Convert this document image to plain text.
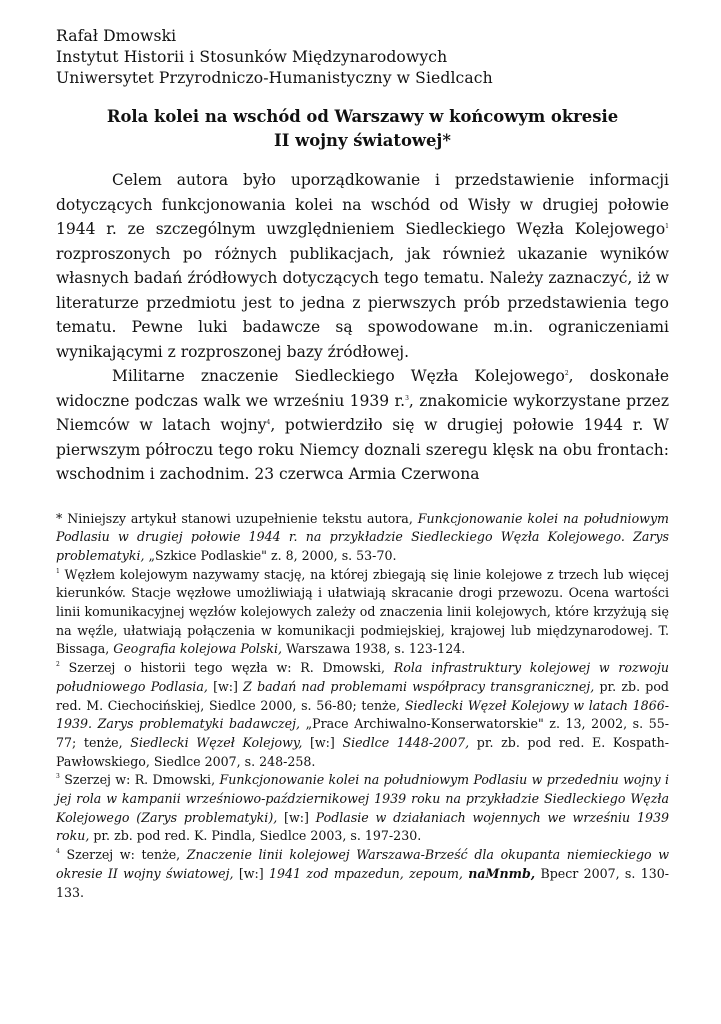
Rafał Dmowski
Instytut Historii i Stosunków Międzynarodowych
Uniwersytet Przyrodniczo-Humanistyczny w Siedlcach
Rola kolei na wschód od Warszawy w końcowym okresie
II wojny światowej*

Celem autora było uporządkowanie i przedstawienie informacji dotyczących funkcjonowania kolei na wschód od Wisły w drugiej połowie 1944 r. ze szczególnym uwzględnieniem Siedleckiego Węzła Kolejowego$^1$ rozproszonych po różnych publikacjach, jak również ukazanie wyników własnych badań źródłowych dotyczących tego tematu. Należy zaznaczyć, iż w literaturze przedmiotu jest to jedna z pierwszych prób przedstawienia tego tematu. Pewne luki badawcze są spowodowane m.in. ograniczeniami wynikającymi z rozproszonej bazy źródłowej.

Militarne znaczenie Siedleckiego Węzła Kolejowego$^2$, doskonałe widoczne podczas walk we wrześniu 1939 r.$^3$, znakomicie wykorzystane przez Niemców w latach wojny$^4$, potwierdziło się w drugiej połowie 1944 r. W pierwszym półroczu tego roku Niemcy doznali szeregu klęsk na obu frontach: wschodnim i zachodnim. 23 czerwca Armia Czerwona

* Niniejszy artykuł stanowi uzupełnienie tekstu autora, Funkcjonowanie kolei na południowym Podlasiu w drugiej połowie 1944 r. na przykładzie Siedleckiego Węzła Kolejowego. Zarys problematyki, „Szkice Podlaskie" z. 8, 2000, s. 53-70.

$^1$ Węzłem kolejowym nazywamy stację, na której zbiegają się linie kolejowe z trzech lub więcej kierunków. Stacje węzłowe umożliwiają i ułatwiają skracanie drogi przewozu. Ocena wartości linii komunikacyjnej węzłów kolejowych zależy od znaczenia linii kolejowych, które krzyżują się na węźle, ułatwiają połączenia w komunikacji podmiejskiej, krajowej lub międzynarodowej. T. Bissaga, Geografia kolejowa Polski, Warszawa 1938, s. 123-124.

$^2$ Szerzej o historii tego węzła w: R. Dmowski, Rola infrastruktury kolejowej w rozwoju południowego Podlasia, [w:] Z badań nad problemami współpracy transgranicznej, pr. zb. pod red. M. Ciechocińskiej, Siedlce 2000, s. 56-80; tenże, Siedlecki Węzeł Kolejowy w latach 1866-1939. Zarys problematyki badawczej, „Prace Archiwalno-Konserwatorskie" z. 13, 2002, s. 55-77; tenże, Siedlecki Węzeł Kolejowy, [w:] Siedlce 1448-2007, pr. zb. pod red. E. Kospath-Pawłowskiego, Siedlce 2007, s. 248-258.

$^3$ Szerzej w: R. Dmowski, Funkcjonowanie kolei na południowym Podlasiu w przededniu wojny i jej rola w kampanii wrześniowo-październikowej 1939 roku na przykładzie Siedleckiego Węzła Kolejowego (Zarys problematyki), [w:] Podlasie w działaniach wojennych we wrześniu 1939 roku, pr. zb. pod red. K. Pindla, Siedlce 2003, s. 197-230.

$^4$ Szerzej w: tenże, Znaczenie linii kolejowej Warszawa-Brześć dla okupanta niemieckiego w okresie II wojny światowej, [w:] 1941 zod mpazedun, zepoum, naMnmb, Bpecr 2007, s. 130-133.
